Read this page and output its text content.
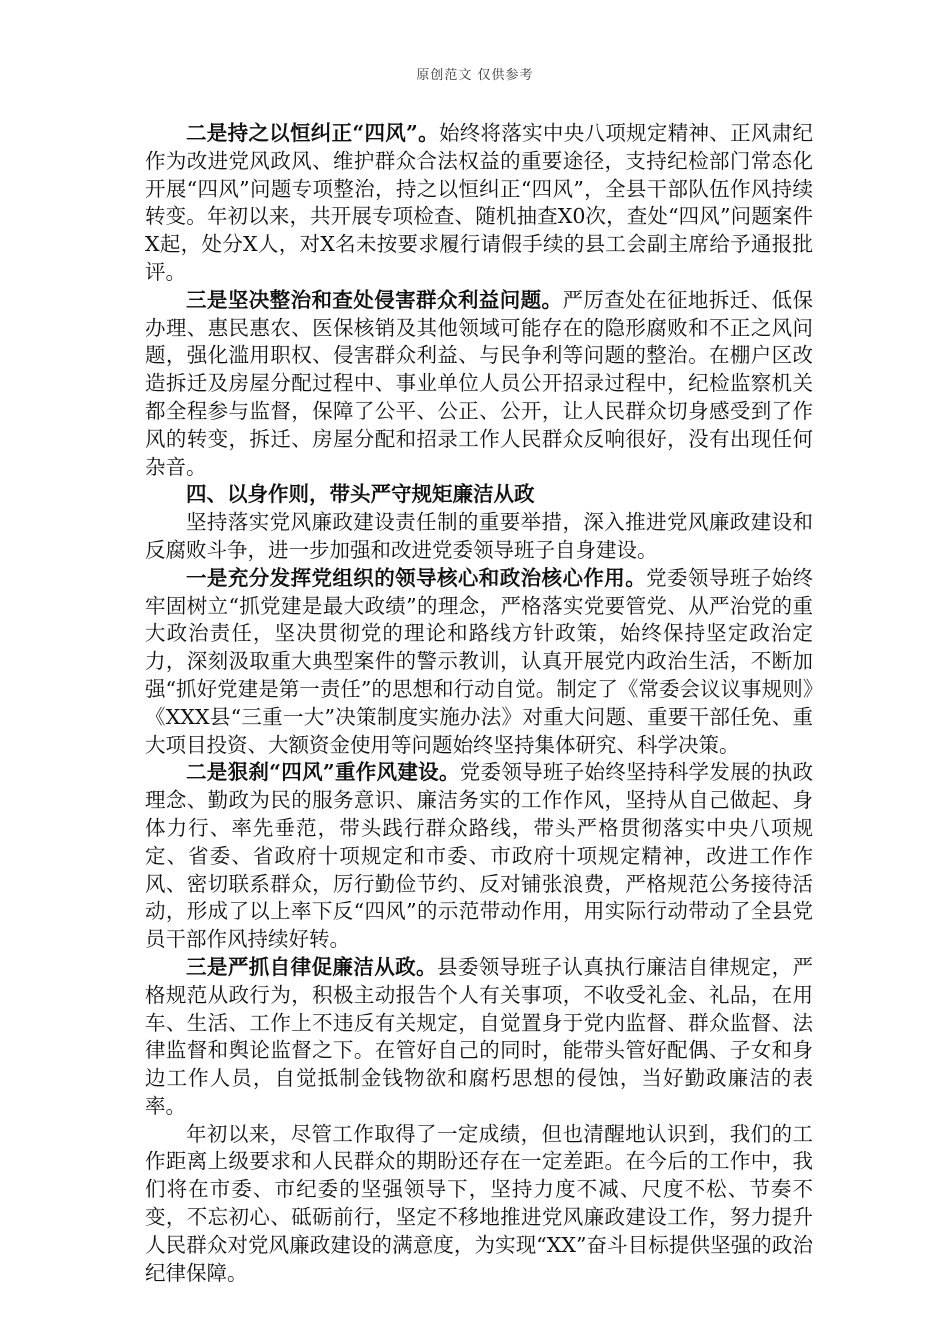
原创范文 仅供参考

二是持之以恒纠正“四风”。始终将落实中央八项规定精神、正风肃纪作为改进党风政风、维护群众合法权益的重要途径，支持纪检部门常态化开展“四风”问题专项整治，持之以恒纠正“四风”，全县干部队伍作风持续转变。年初以来，共开展专项检查、随机抽查X0次，查处“四风”问题案件X起，处分X人，对X名未按要求履行请假手续的县工会副主席给予通报批评。

三是坚决整治和查处侵害群众利益问题。严厉查处在征地拆迁、低保办理、惠民惠农、医保核销及其他领域可能存在的隐形腐败和不正之风问题，强化滥用职权、侵害群众利益、与民争利等问题的整治。在棚户区改造拆迁及房屋分配过程中、事业单位人员公开招录过程中，纪检监察机关都全程参与监督，保障了公平、公正、公开，让人民群众切身感受到了作风的转变，拆迁、房屋分配和招录工作人民群众反响很好，没有出现任何杂音。

四、以身作则，带头严守规矩廉洁从政

坚持落实党风廉政建设责任制的重要举措，深入推进党风廉政建设和反腐败斗争，进一步加强和改进党委领导班子自身建设。

一是充分发挥党组织的领导核心和政治核心作用。党委领导班子始终牢固树立“抓党建是最大政绩”的理念，严格落实党要管党、从严治党的重大政治责任，坚决贯彻党的理论和路线方针政策，始终保持坚定政治定力，深刻汲取重大典型案件的警示教训，认真开展党内政治生活，不断加强“抓好党建是第一责任”的思想和行动自觉。制定了《常委会议议事规则》《XXX县“三重一大”决策制度实施办法》对重大问题、重要干部任免、重大项目投资、大额资金使用等问题始终坚持集体研究、科学决策。

二是狠刹“四风”重作风建设。党委领导班子始终坚持科学发展的执政理念、勤政为民的服务意识、廉洁务实的工作作风，坚持从自己做起、身体力行、率先垂范，带头践行群众路线，带头严格贯彻落实中央八项规定、省委、省政府十项规定和市委、市政府十项规定精神，改进工作作风、密切联系群众，厉行勤俭节约、反对铺张浪费，严格规范公务接待活动，形成了以上率下反“四风”的示范带动作用，用实际行动带动了全县党员干部作风持续好转。

三是严抓自律促廉洁从政。县委领导班子认真执行廉洁自律规定，严格规范从政行为，积极主动报告个人有关事项，不收受礼金、礼品，在用车、生活、工作上不违反有关规定，自觉置身于党内监督、群众监督、法律监督和舆论监督之下。在管好自己的同时，能带头管好配偶、子女和身边工作人员，自觉抵制金钱物欲和腐朽思想的侵蚀，当好勤政廉洁的表率。

年初以来，尽管工作取得了一定成绩，但也清醒地认识到，我们的工作距离上级要求和人民群众的期盼还存在一定差距。在今后的工作中，我们将在市委、市纪委的坚强领导下，坚持力度不减、尺度不松、节奏不变，不忘初心、砥砺前行，坚定不移地推进党风廉政建设工作，努力提升人民群众对党风廉政建设的满意度，为实现“XX”奋斗目标提供坚强的政治纪律保障。
